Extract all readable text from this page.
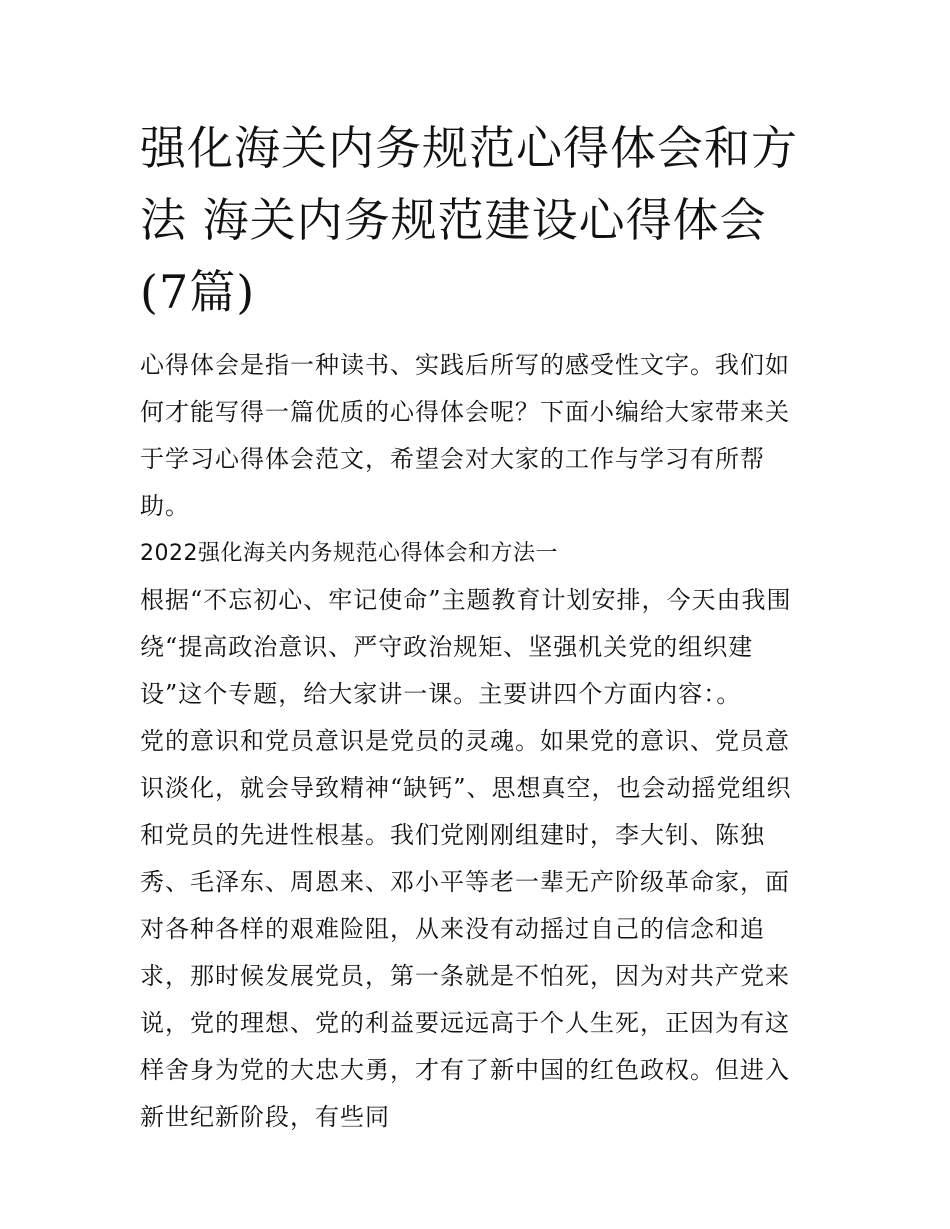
强化海关内务规范心得体会和方法 海关内务规范建设心得体会(7篇)

心得体会是指一种读书、实践后所写的感受性文字。我们如何才能写得一篇优质的心得体会呢？下面小编给大家带来关于学习心得体会范文，希望会对大家的工作与学习有所帮助。

2022强化海关内务规范心得体会和方法一

根据“不忘初心、牢记使命”主题教育计划安排，今天由我围绕“提高政治意识、严守政治规矩、坚强机关党的组织建设”这个专题，给大家讲一课。主要讲四个方面内容：。

党的意识和党员意识是党员的灵魂。如果党的意识、党员意识淡化，就会导致精神“缺钙”、思想真空，也会动摇党组织和党员的先进性根基。我们党刚刚组建时，李大钊、陈独秀、毛泽东、周恩来、邓小平等老一辈无产阶级革命家，面对各种各样的艰难险阻，从来没有动摇过自己的信念和追求，那时候发展党员，第一条就是不怕死，因为对共产党来说，党的理想、党的利益要远远高于个人生死，正因为有这样舍身为党的大忠大勇，才有了新中国的红色政权。但进入新世纪新阶段，有些同
